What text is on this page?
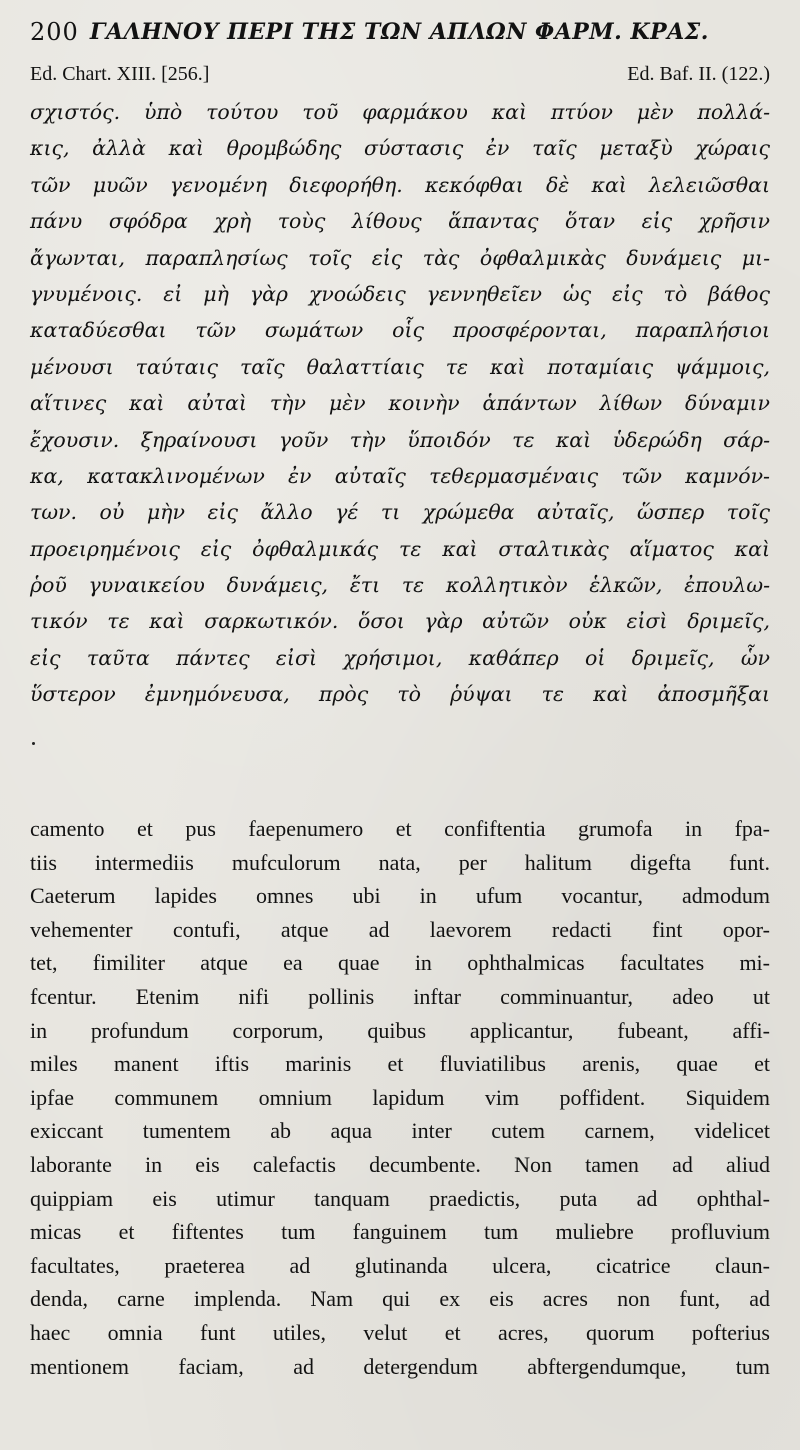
200 ΓΑΛΗΝΟΥ ΠΕΡΙ ΤΗΣ ΤΩΝ ΑΠΛΩΝ ΦΑΡΜ. ΚΡΑΣ.
Ed. Chart. XIII. [256.]	Ed. Baf. II. (122.)
σχιστός. ὑπὸ τούτου τοῦ φαρμάκου καὶ πτύον μὲν πολλά-
κις, ἀλλὰ καὶ θρομβώδης σύστασις ἐν ταῖς μεταξὺ χώραις
τῶν μυῶν γενομένη διεφορήθη. κεκόφθαι δὲ καὶ λελειῶσθαι
πάνυ σφόδρα χρὴ τοὺς λίθους ἅπαντας ὅταν εἰς χρῆσιν
ἄγωνται, παραπλησίως τοῖς εἰς τὰς ὀφθαλμικὰς δυνάμεις μι-
γνυμένοις. εἰ μὴ γὰρ χνοώδεις γεννηθεῖεν ὡς εἰς τὸ βάθος
καταδύεσθαι τῶν σωμάτων οἷς προσφέρονται, παραπλήσιοι
μένουσι ταύταις ταῖς θαλαττίαις τε καὶ ποταμίαις ψάμμοις,
αἵτινες καὶ αὐταὶ τὴν μὲν κοινὴν ἁπάντων λίθων δύναμιν
ἔχουσιν. ξηραίνουσι γοῦν τὴν ὕποιδόν τε καὶ ὑδερώδη σάρ-
κα, κατακλινομένων ἐν αὐταῖς τεθερμασμέναις τῶν καμνόν-
των. οὐ μὴν εἰς ἄλλο γέ τι χρώμεθα αὐταῖς, ὥσπερ τοῖς
προειρημένοις εἰς ὀφθαλμικάς τε καὶ σταλτικὰς αἵματος καὶ
ῥοῦ γυναικείου δυνάμεις, ἔτι τε κολλητικὸν ἑλκῶν, ἐπουλω-
τικόν τε καὶ σαρκωτικόν. ὅσοι γὰρ αὐτῶν οὐκ εἰσὶ δριμεῖς,
εἰς ταῦτα πάντες εἰσὶ χρήσιμοι, καθάπερ οἱ δριμεῖς, ὧν
ὕστερον ἐμνημόνευσα, πρὸς τὸ ῥύψαι τε καὶ ἀποσμῆξαι
camento et pus faepenumero et confiftentia grumofa in fpa-
tiis intermediis mufculorum nata, per halitum digefta funt.
Caeterum lapides omnes ubi in ufum vocantur, admodum
vehementer contufi, atque ad laevorem redacti fint opor-
tet, fimiliter atque ea quae in ophthalmicas facultates mi-
fcentur. Etenim nifi pollinis inftar comminuantur, adeo ut
in profundum corporum, quibus applicantur, fubeant, affi-
miles manent iftis marinis et fluviatilibus arenis, quae et
ipfae communem omnium lapidum vim poffident. Siquidem
exiccant tumentem ab aqua inter cutem carnem, videlicet
laborante in eis calefactis decumbente. Non tamen ad aliud
quippiam eis utimur tanquam praedictis, puta ad ophthal-
micas et fiftentes tum fanguinem tum muliebre profluvium
facultates, praeterea ad glutinanda ulcera, cicatrice claun-
denda, carne implenda. Nam qui ex eis acres non funt, ad
haec omnia funt utiles, velut et acres, quorum pofterius
mentionem faciam, ad detergendum abftergendumque, tum
